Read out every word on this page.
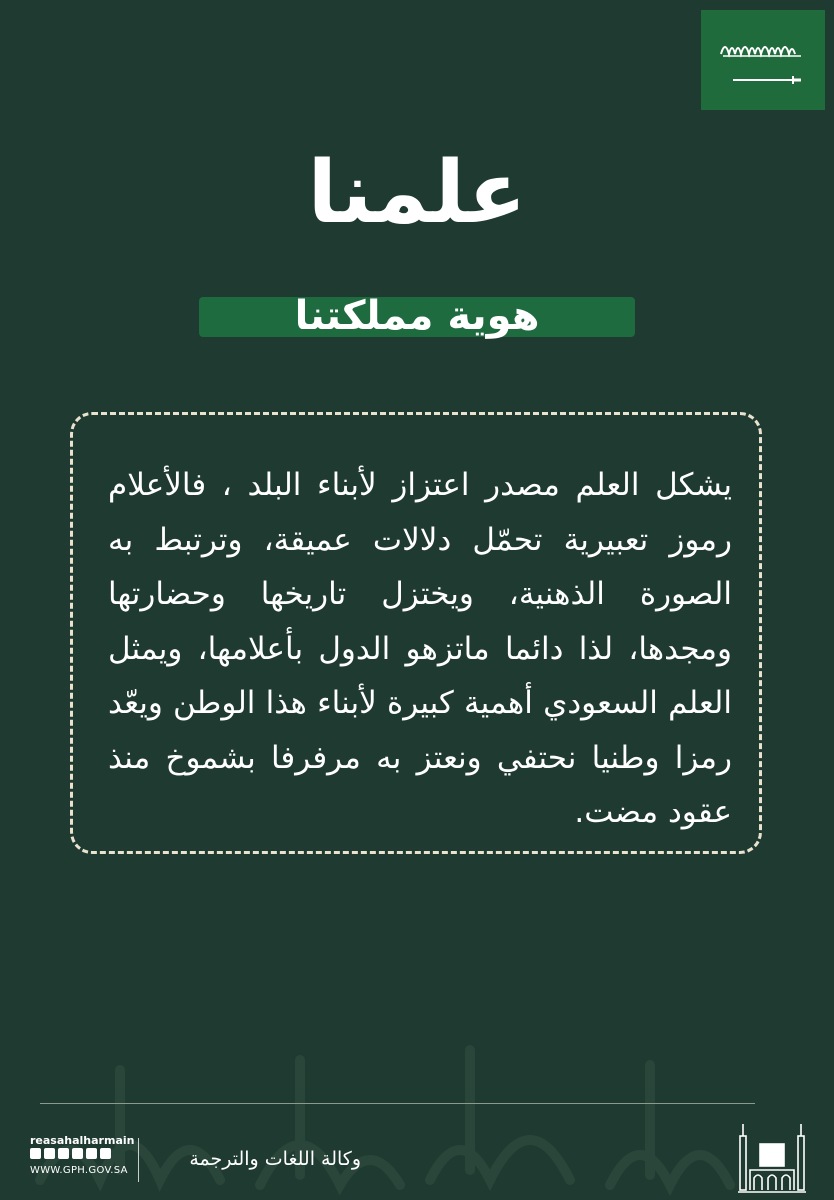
علمنا
هوية مملكتنا
يشكل العلم مصدر اعتزاز لأبناء البلد ، فالأعلام رموز تعبيرية تحمّل دلالات عميقة، وترتبط به الصورة الذهنية، ويختزل تاريخها وحضارتها ومجدها، لذا دائما ماتزهو الدول بأعلامها، ويمثل العلم السعودي أهمية كبيرة لأبناء هذا الوطن ويعّد رمزا وطنيا نحتفي ونعتز به مرفرفا بشموخ منذ عقود مضت.
وكالة اللغات والترجمة
reasahalharmain
WWW.GPH.GOV.SA
